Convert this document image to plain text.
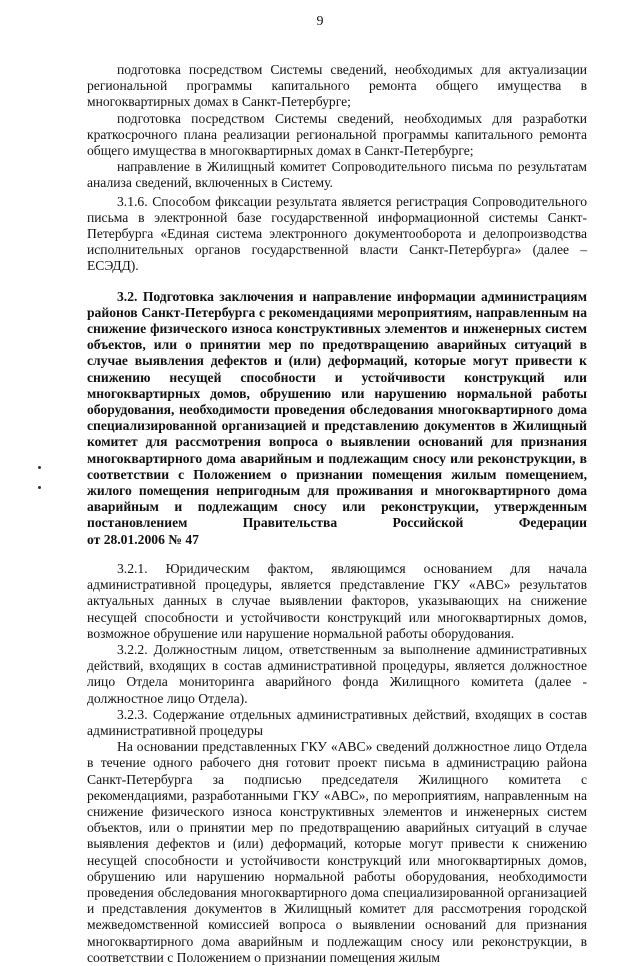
9

подготовка посредством Системы сведений, необходимых для актуализации региональной программы капитального ремонта общего имущества в многоквартирных домах в Санкт-Петербурге;

подготовка посредством Системы сведений, необходимых для разработки краткосрочного плана реализации региональной программы капитального ремонта общего имущества в многоквартирных домах в Санкт-Петербурге;

направление в Жилищный комитет Сопроводительного письма по результатам анализа сведений, включенных в Систему.

3.1.6. Способом фиксации результата является регистрация Сопроводительного письма в электронной базе государственной информационной системы Санкт-Петербурга «Единая система электронного документооборота и делопроизводства исполнительных органов государственной власти Санкт-Петербурга» (далее – ЕСЭДД).

3.2. Подготовка заключения и направление информации администрациям районов Санкт-Петербурга с рекомендациями мероприятиям, направленным на снижение физического износа конструктивных элементов и инженерных систем объектов, или о принятии мер по предотвращению аварийных ситуаций в случае выявления дефектов и (или) деформаций, которые могут привести к снижению несущей способности и устойчивости конструкций или многоквартирных домов, обрушению или нарушению нормальной работы оборудования, необходимости проведения обследования многоквартирного дома специализированной организацией и представлению документов в Жилищный комитет для рассмотрения вопроса о выявлении оснований для признания многоквартирного дома аварийным и подлежащим сносу или реконструкции, в соответствии с Положением о признании помещения жилым помещением, жилого помещения непригодным для проживания и многоквартирного дома аварийным и подлежащим сносу или реконструкции, утвержденным постановлением Правительства Российской Федерации

от 28.01.2006 № 47

3.2.1. Юридическим фактом, являющимся основанием для начала административной процедуры, является представление ГКУ «АВС» результатов актуальных данных в случае выявлении факторов, указывающих на снижение несущей способности и устойчивости конструкций или многоквартирных домов, возможное обрушение или нарушение нормальной работы оборудования.

3.2.2. Должностным лицом, ответственным за выполнение административных действий, входящих в состав административной процедуры, является должностное лицо Отдела мониторинга аварийного фонда Жилищного комитета (далее - должностное лицо Отдела).

3.2.3. Содержание отдельных административных действий, входящих в состав административной процедуры

На основании представленных ГКУ «АВС» сведений должностное лицо Отдела в течение одного рабочего дня готовит проект письма в администрацию района Санкт-Петербурга за подписью председателя Жилищного комитета с рекомендациями, разработанными ГКУ «АВС», по мероприятиям, направленным на снижение физического износа конструктивных элементов и инженерных систем объектов, или о принятии мер по предотвращению аварийных ситуаций в случае выявления дефектов и (или) деформаций, которые могут привести к снижению несущей способности и устойчивости конструкций или многоквартирных домов, обрушению или нарушению нормальной работы оборудования, необходимости проведения обследования многоквартирного дома специализированной организацией и представления документов в Жилищный комитет для рассмотрения городской межведомственной комиссией вопроса о выявлении оснований для признания многоквартирного дома аварийным и подлежащим сносу или реконструкции, в соответствии с Положением о признании помещения жилым
